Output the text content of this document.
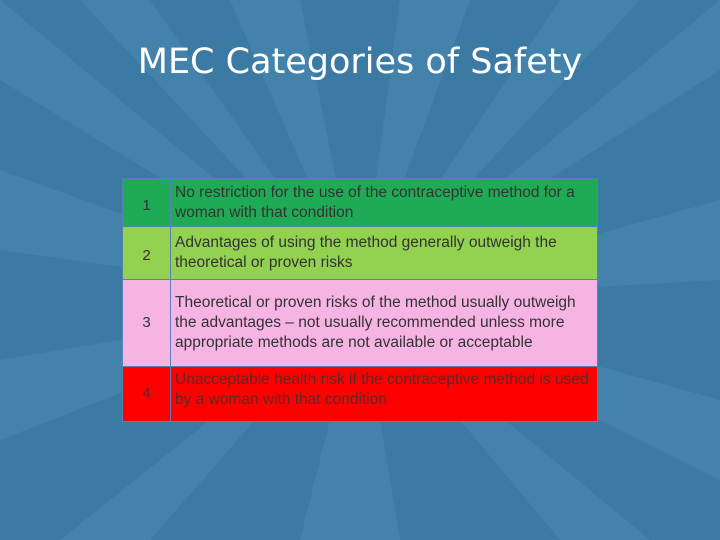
MEC Categories of Safety
1	No restriction for the use of the contraceptive method for a woman with that condition
2	Advantages of using the method generally outweigh the theoretical or proven risks
3	Theoretical or proven risks of the method usually outweigh the advantages – not usually recommended unless more appropriate methods are not available or acceptable
4	Unacceptable health risk if the contraceptive method is used by a woman with that condition
